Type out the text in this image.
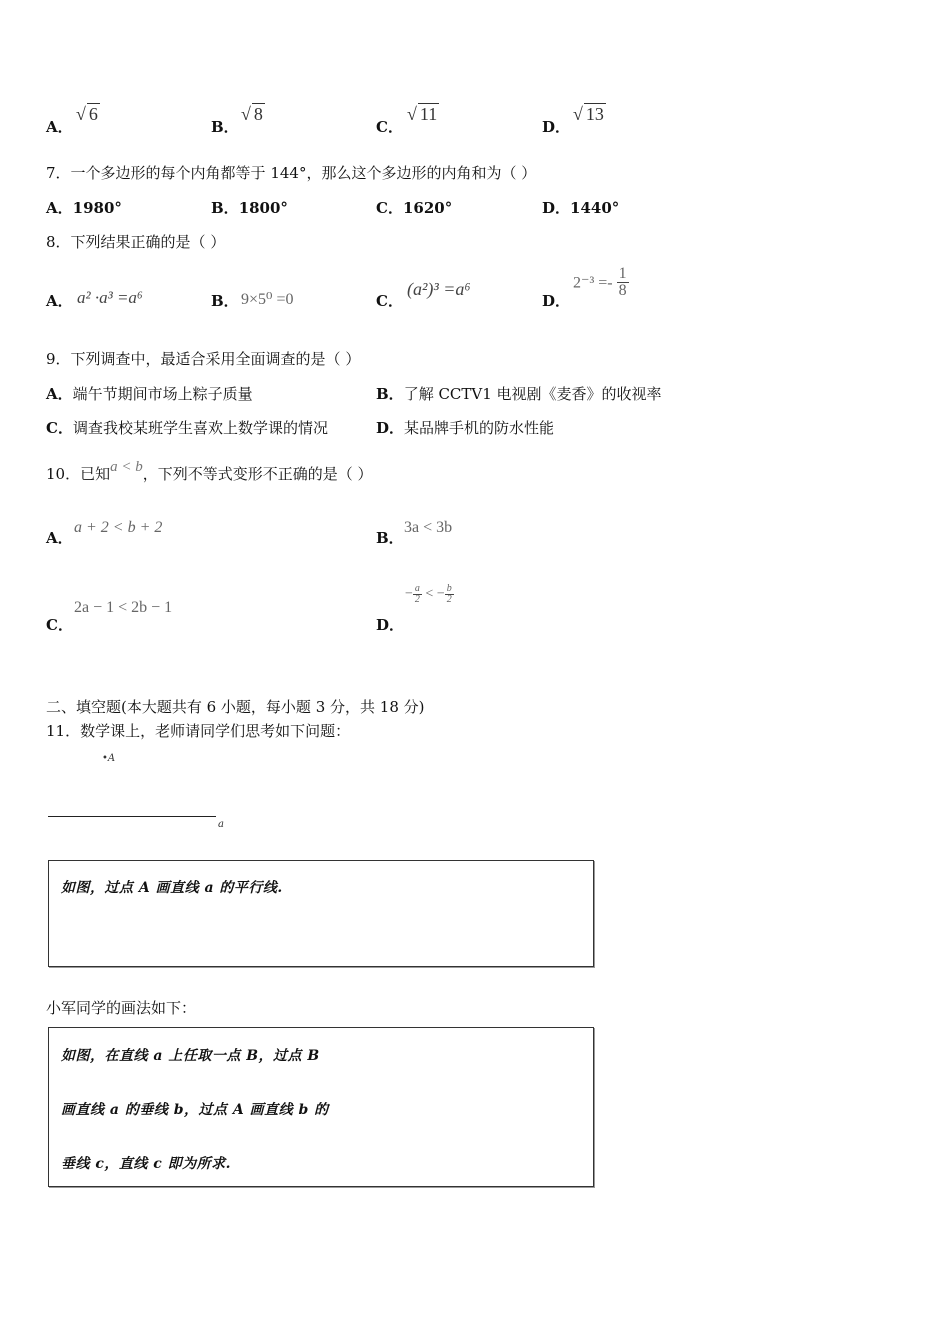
A．
√ 6
B．
√ 8
C．
√ 11
D．
√ 13
7．一个多边形的每个内角都等于 144°，那么这个多边形的内角和为（ ）
A．1980°	B．1800°	C．1620°	D．1440°
8．下列结果正确的是（ ）
A． a² ·a³ =a⁶	B． 9×5⁰ =0	C．
(a²)³ =a⁶
D．
$2^{-3} =- \frac{1}{8}$
9．下列调查中，最适合采用全面调查的是（ ）
A．端午节期间市场上粽子质量	B．了解 CCTV1 电视剧《麦香》的收视率
C．调查我校某班学生喜欢上数学课的情况	D．某品牌手机的防水性能
10．已知a < b，下列不等式变形不正确的是（ ）
A．
a + 2 < b + 2
B．
3a < 3b
C．
2a − 1 < 2b − 1
D．
− $\frac{a}{2}$ < − $\frac{b}{2}$
二、填空题(本大题共有 6 小题，每小题 3 分，共 18 分)
11．数学课上，老师请同学们思考如下问题：
•A
a
如图，过点 A 画直线 a 的平行线.
小军同学的画法如下：
如图，在直线 a 上任取一点 B，过点 B
画直线 a 的垂线 b，过点 A 画直线 b 的
垂线 c，直线 c 即为所求.
